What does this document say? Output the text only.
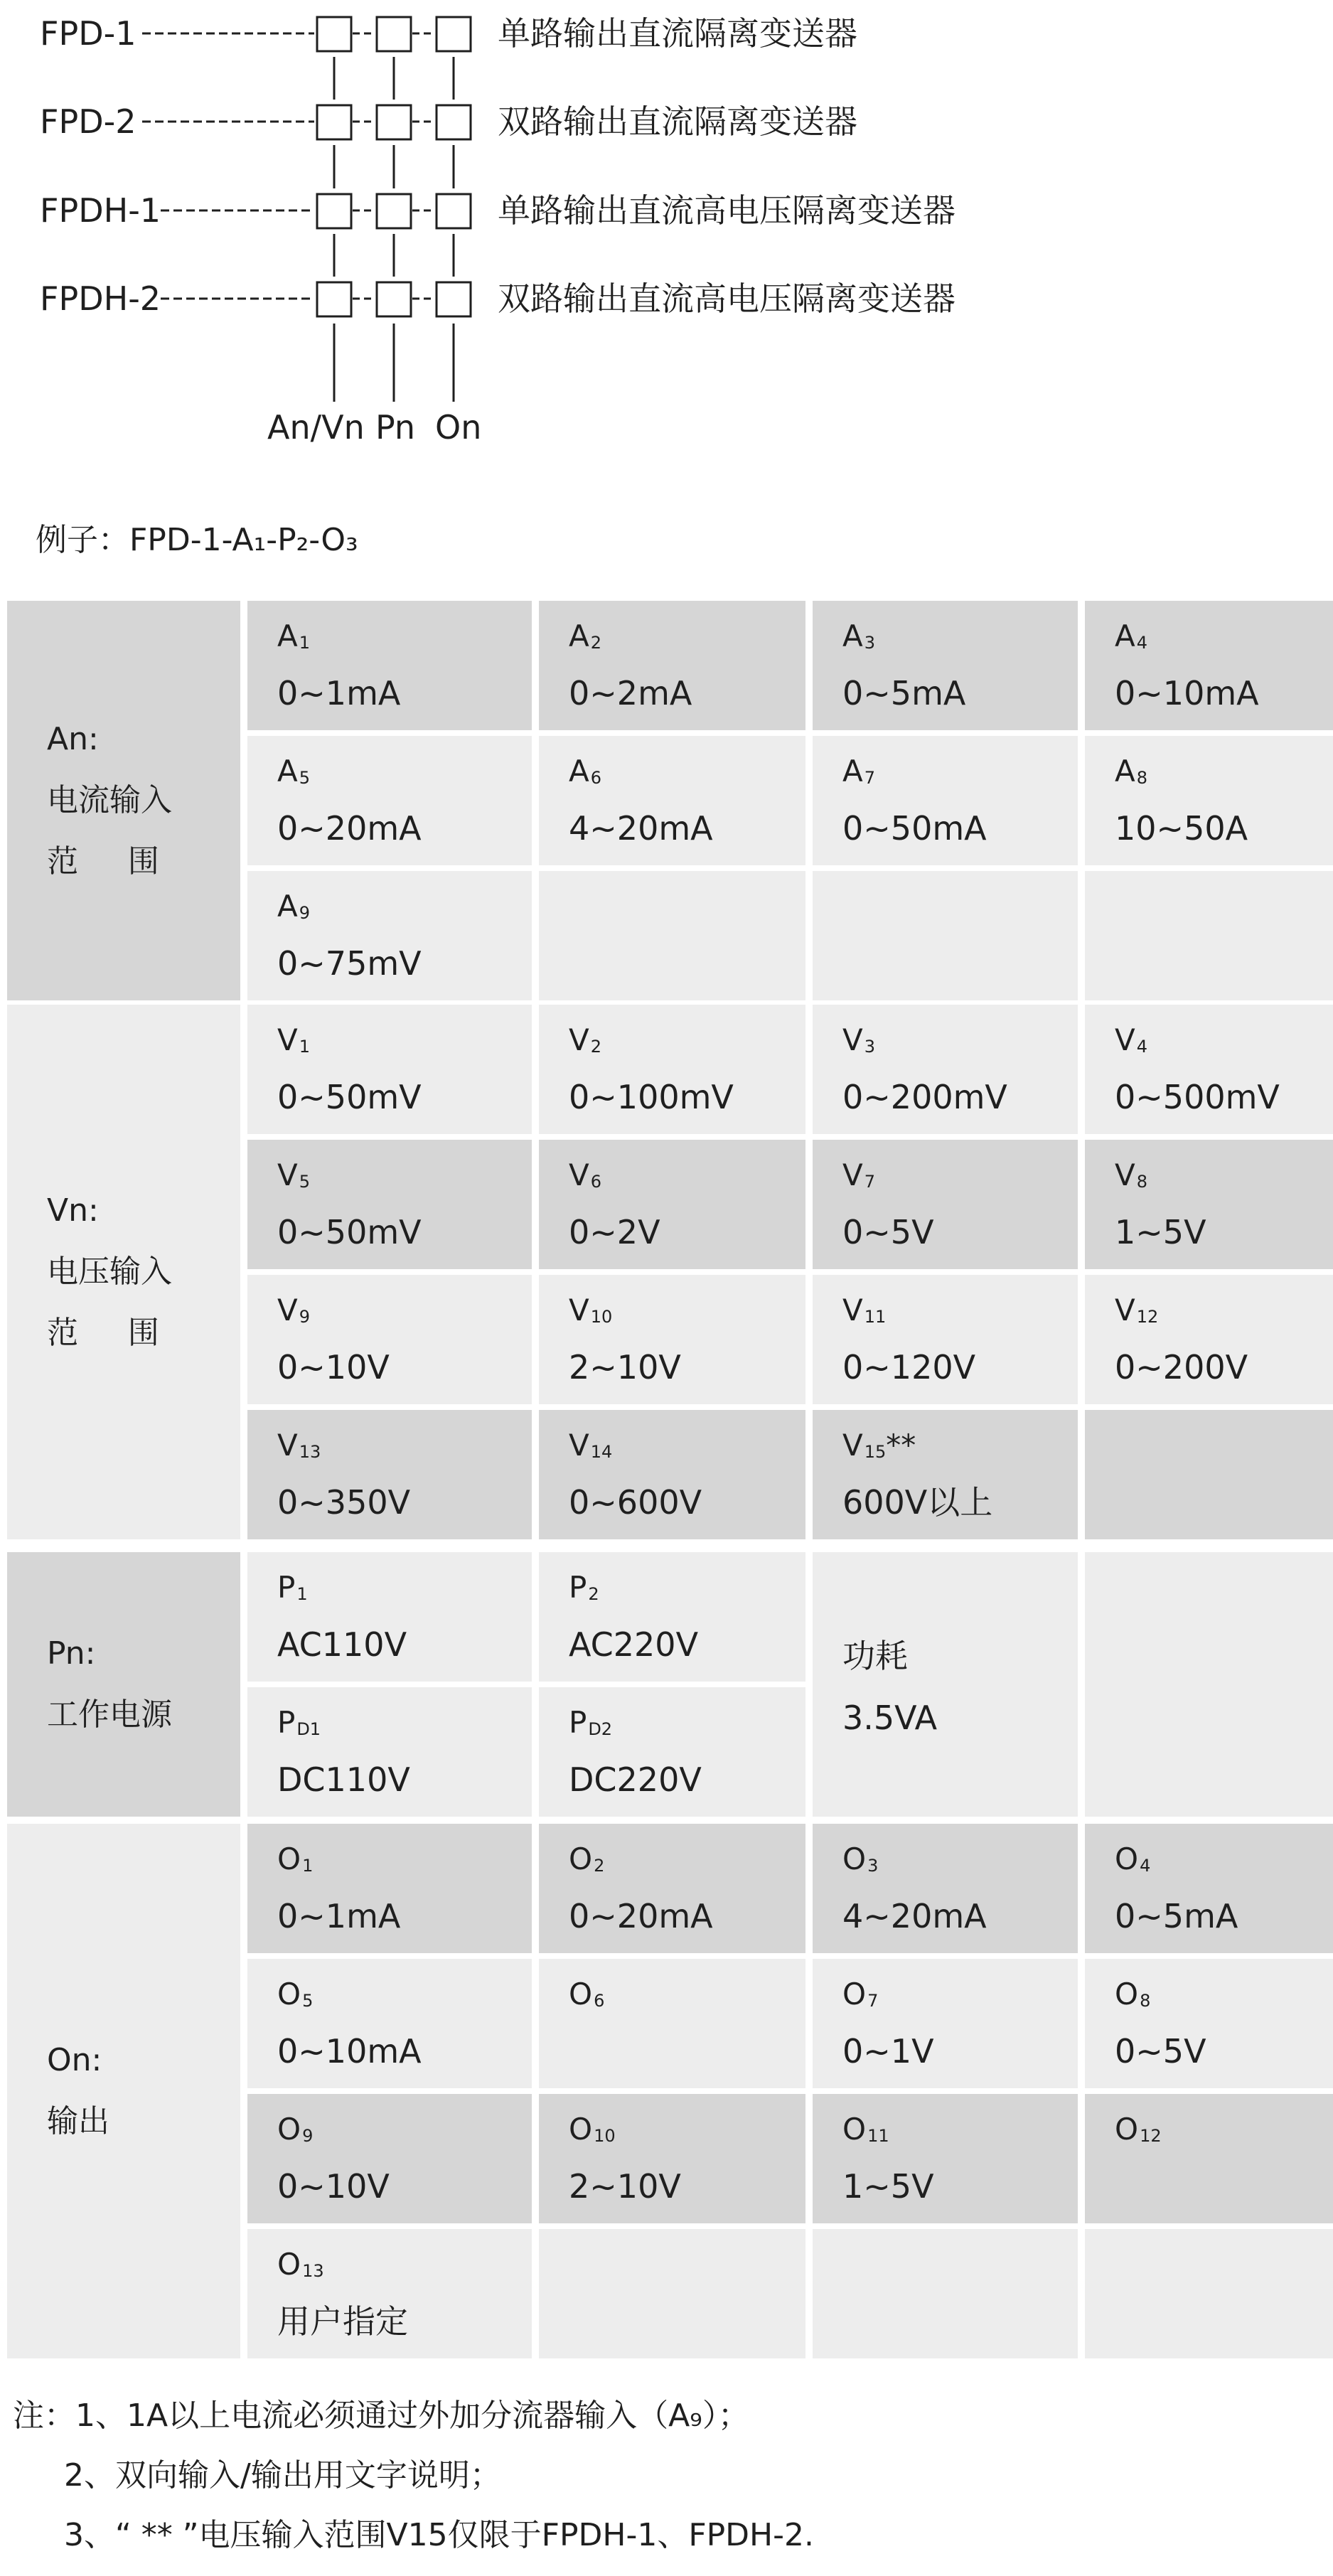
FPD-1
FPD-2
FPDH-1
FPDH-2
单路输出直流隔离变送器
双路输出直流隔离变送器
单路输出直流高电压隔离变送器
双路输出直流高电压隔离变送器
An/Vn Pn On
例子：FPD-1-A₁-P₂-O₃
An:
电流输入
范     围
$A_1$
0~1mA
$A_2$
0~2mA
$A_3$
0~5mA
$A_4$
0~10mA
$A_5$
0~20mA
$A_6$
4~20mA
$A_7$
0~50mA
$A_8$
10~50A
$A_9$
0~75mV
Vn:
电压输入
范     围
$V_1$
0~50mV
$V_2$
0~100mV
$V_3$
0~200mV
$V_4$
0~500mV
$V_5$
0~50mV
$V_6$
0~2V
$V_7$
0~5V
$V_8$
1~5V
$V_9$
0~10V
$V_{10}$
2~10V
$V_{11}$
0~120V
$V_{12}$
0~200V
$V_{13}$
0~350V
$V_{14}$
0~600V
$V_{15}**$
600V以上
Pn:
工作电源
$P_1$
AC110V
$P_2$
AC220V
$P_{D1}$
DC110V
$P_{D2}$
DC220V
功耗
3.5VA
On:
输出
$O_1$
0~1mA
$O_2$
0~20mA
$O_3$
4~20mA
$O_4$
0~5mA
$O_5$
0~10mA
$O_6$	$O_7$
0~1V
$O_8$
0~5V
$O_9$
0~10V
$O_{10}$
2~10V
$O_{11}$
1~5V
$O_{12}$
$O_{13}$
用户指定
注：1、1A以上电流必须通过外加分流器输入（A₉）；
2、双向输入/输出用文字说明；
3、“ ** ”电压输入范围V15仅限于FPDH-1、FPDH-2.
